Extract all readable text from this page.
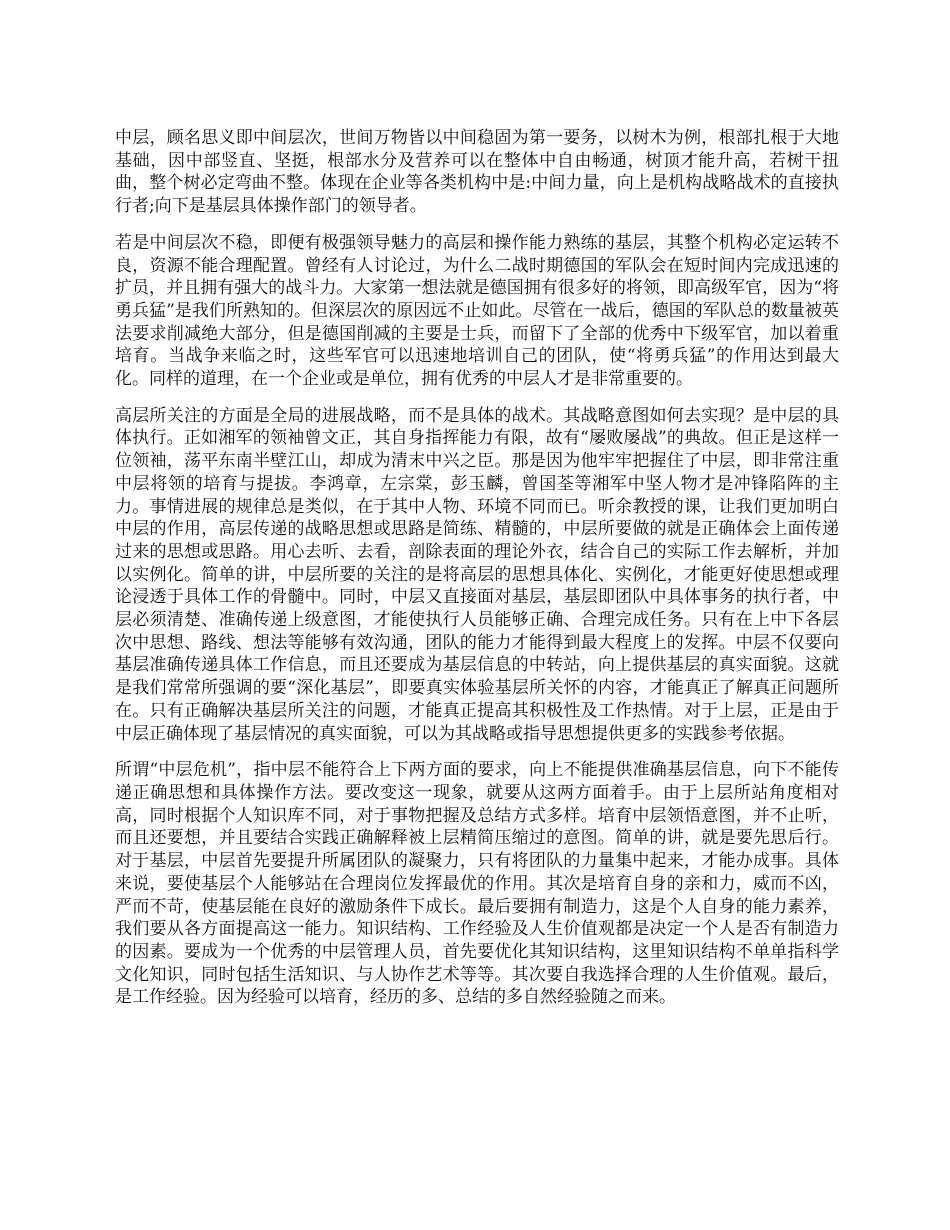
中层，顾名思义即中间层次，世间万物皆以中间稳固为第一要务，以树木为例，根部扎根于大地基础，因中部竖直、坚挺，根部水分及营养可以在整体中自由畅通，树顶才能升高，若树干扭曲，整个树必定弯曲不整。体现在企业等各类机构中是:中间力量，向上是机构战略战术的直接执行者;向下是基层具体操作部门的领导者。

若是中间层次不稳，即便有极强领导魅力的高层和操作能力熟练的基层，其整个机构必定运转不良，资源不能合理配置。曾经有人讨论过，为什么二战时期德国的军队会在短时间内完成迅速的扩员，并且拥有强大的战斗力。大家第一想法就是德国拥有很多好的将领，即高级军官，因为“将勇兵猛”是我们所熟知的。但深层次的原因远不止如此。尽管在一战后，德国的军队总的数量被英法要求削减绝大部分，但是德国削减的主要是士兵，而留下了全部的优秀中下级军官，加以着重培育。当战争来临之时，这些军官可以迅速地培训自己的团队，使“将勇兵猛”的作用达到最大化。同样的道理，在一个企业或是单位，拥有优秀的中层人才是非常重要的。

高层所关注的方面是全局的进展战略，而不是具体的战术。其战略意图如何去实现？是中层的具体执行。正如湘军的领袖曾文正，其自身指挥能力有限，故有“屡败屡战”的典故。但正是这样一位领袖，荡平东南半壁江山，却成为清末中兴之臣。那是因为他牢牢把握住了中层，即非常注重中层将领的培育与提拔。李鸿章，左宗棠，彭玉麟，曾国荃等湘军中坚人物才是冲锋陷阵的主力。事情进展的规律总是类似，在于其中人物、环境不同而已。听余教授的课，让我们更加明白中层的作用，高层传递的战略思想或思路是简练、精髓的，中层所要做的就是正确体会上面传递过来的思想或思路。用心去听、去看，剖除表面的理论外衣，结合自己的实际工作去解析，并加以实例化。简单的讲，中层所要的关注的是将高层的思想具体化、实例化，才能更好使思想或理论浸透于具体工作的骨髓中。同时，中层又直接面对基层，基层即团队中具体事务的执行者，中层必须清楚、准确传递上级意图，才能使执行人员能够正确、合理完成任务。只有在上中下各层次中思想、路线、想法等能够有效沟通，团队的能力才能得到最大程度上的发挥。中层不仅要向基层准确传递具体工作信息，而且还要成为基层信息的中转站，向上提供基层的真实面貌。这就是我们常常所强调的要“深化基层”，即要真实体验基层所关怀的内容，才能真正了解真正问题所在。只有正确解决基层所关注的问题，才能真正提高其积极性及工作热情。对于上层，正是由于中层正确体现了基层情况的真实面貌，可以为其战略或指导思想提供更多的实践参考依据。

所谓“中层危机”，指中层不能符合上下两方面的要求，向上不能提供准确基层信息，向下不能传递正确思想和具体操作方法。要改变这一现象，就要从这两方面着手。由于上层所站角度相对高，同时根据个人知识库不同，对于事物把握及总结方式多样。培育中层领悟意图，并不止听，而且还要想，并且要结合实践正确解释被上层精简压缩过的意图。简单的讲，就是要先思后行。对于基层，中层首先要提升所属团队的凝聚力，只有将团队的力量集中起来，才能办成事。具体来说，要使基层个人能够站在合理岗位发挥最优的作用。其次是培育自身的亲和力，威而不凶，严而不苛，使基层能在良好的激励条件下成长。最后要拥有制造力，这是个人自身的能力素养，我们要从各方面提高这一能力。知识结构、工作经验及人生价值观都是决定一个人是否有制造力的因素。要成为一个优秀的中层管理人员，首先要优化其知识结构，这里知识结构不单单指科学文化知识，同时包括生活知识、与人协作艺术等等。其次要自我选择合理的人生价值观。最后，是工作经验。因为经验可以培育，经历的多、总结的多自然经验随之而来。
